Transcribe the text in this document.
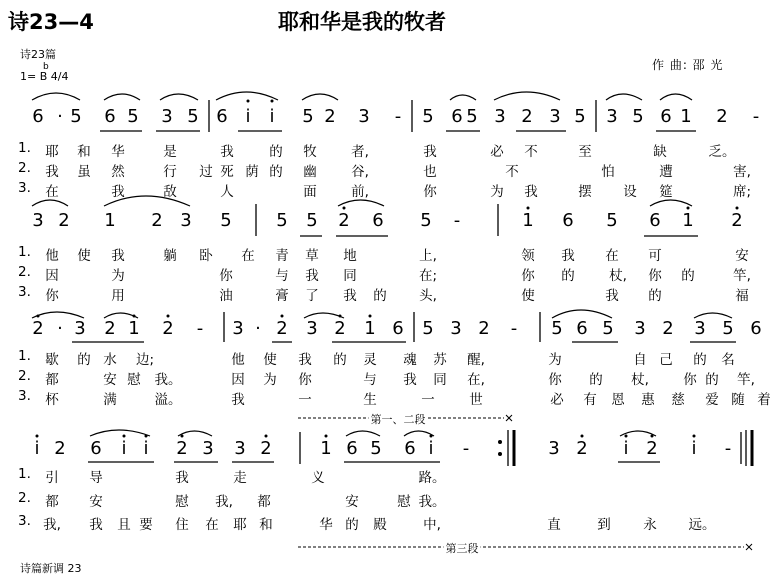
诗23—4	耶和华是我的牧者
诗23篇
b
1= B 4/4
作 曲: 邵 光
6 · 5 6 5 3 5 6 i i 5 2 3 - 5 6 5 3 2 3 5 3 5 6 1 2 -
1. 耶 和 华	是	我	的 牧	者,	我	必 不	至	缺	乏。
2. 我 虽 然	行 过 死 荫 的 幽	谷,	也	不	怕	遭	害,
3. 在	我	敌	人	面	前,	你	为 我	摆 设 筵	席;
3 2 1 2 3 5 5 5 2 6 5 -	1 6 5 6 1 2
1. 他 使 我	躺 卧 在 青 草 地	上,	领 我 在 可	安
2. 因	为	你	与 我 同	在;	你 的	杖, 你 的	竿,
3. 你	用	油	膏 了 我 的 头,	使	我 的	福
2 · 3 2 1 2 - 3 · 2 3 2 1 6 5 3 2 - 5 6 5 3 2 3 5 6
1. 歇 的 水 边;	他 使 我 的 灵 魂 苏 醒,	为	自 己 的 名
2. 都	安 慰 我。	因 为 你	与 我 同 在,	你 的 杖,	你 的 竿,
3. 杯	满	溢。	我	一	生	一	世	必 有 恩 惠 慈 爱 随 着
i 2 6 i i 2 3 3 2	1 6 5 6 i -	3 2 i 2 i -
1. 引 导	我	走	义	路。
2. 都 安	慰 我, 都	安	慰 我。
3. 我, 我 且 要 住 在 耶 和	华 的 殿	中,	直	到 永 远。
第一、二段
第三段
诗篇新调 23
